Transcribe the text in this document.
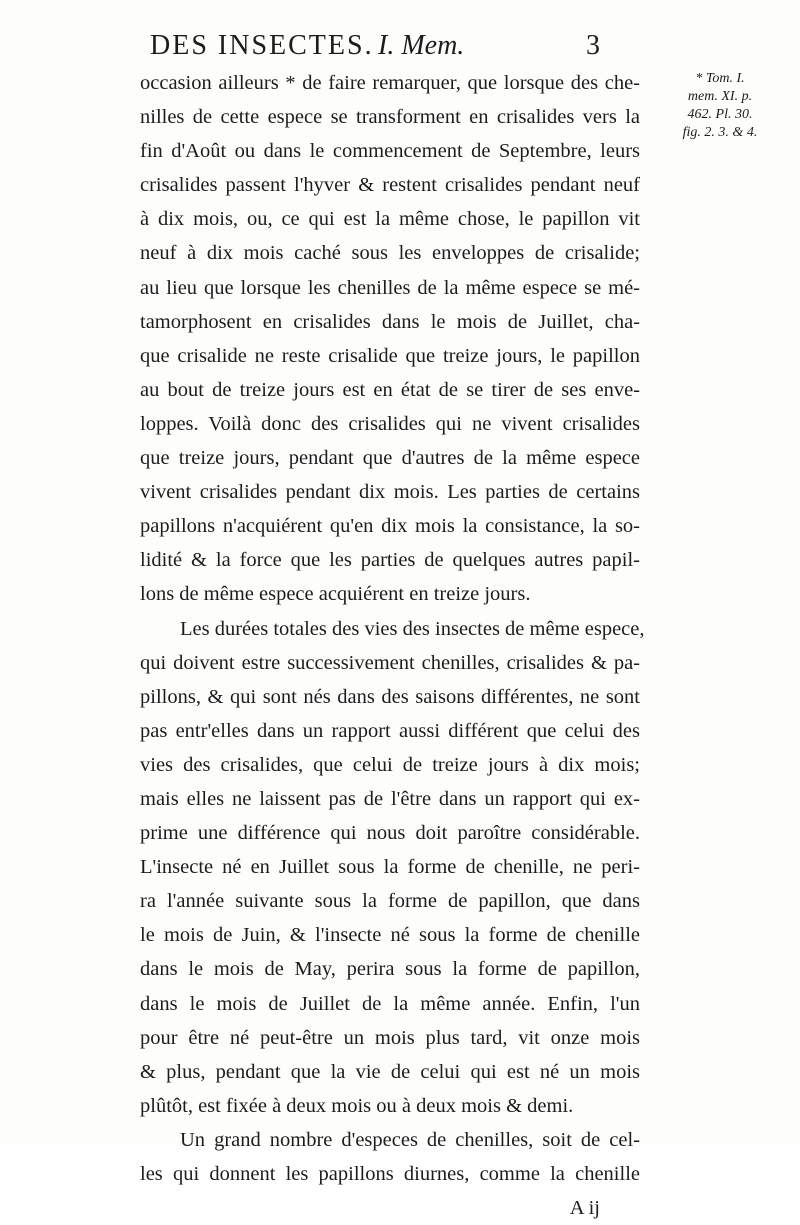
DES INSECTES. I. Mem.	3
* Tom. I.
mem. XI. p.
462. Pl. 30.
fig. 2. 3. & 4.
occasion ailleurs * de faire remarquer, que lorsque des che-
nilles de cette espece se transforment en crisalides vers la
fin d'Août ou dans le commencement de Septembre, leurs
crisalides passent l'hyver & restent crisalides pendant neuf
à dix mois, ou, ce qui est la même chose, le papillon vit
neuf à dix mois caché sous les enveloppes de crisalide;
au lieu que lorsque les chenilles de la même espece se mé-
tamorphosent en crisalides dans le mois de Juillet, cha-
que crisalide ne reste crisalide que treize jours, le papillon
au bout de treize jours est en état de se tirer de ses enve-
loppes. Voilà donc des crisalides qui ne vivent crisalides
que treize jours, pendant que d'autres de la même espece
vivent crisalides pendant dix mois. Les parties de certains
papillons n'acquiérent qu'en dix mois la consistance, la so-
lidité & la force que les parties de quelques autres papil-
lons de même espece acquiérent en treize jours.
Les durées totales des vies des insectes de même espece,
qui doivent estre successivement chenilles, crisalides & pa-
pillons, & qui sont nés dans des saisons différentes, ne sont
pas entr'elles dans un rapport aussi différent que celui des
vies des crisalides, que celui de treize jours à dix mois;
mais elles ne laissent pas de l'être dans un rapport qui ex-
prime une différence qui nous doit paroître considérable.
L'insecte né en Juillet sous la forme de chenille, ne peri-
ra l'année suivante sous la forme de papillon, que dans
le mois de Juin, & l'insecte né sous la forme de chenille
dans le mois de May, perira sous la forme de papillon,
dans le mois de Juillet de la même année. Enfin, l'un
pour être né peut-être un mois plus tard, vit onze mois
& plus, pendant que la vie de celui qui est né un mois
plûtôt, est fixée à deux mois ou à deux mois & demi.
Un grand nombre d'especes de chenilles, soit de cel-
les qui donnent les papillons diurnes, comme la chenille
A ij
